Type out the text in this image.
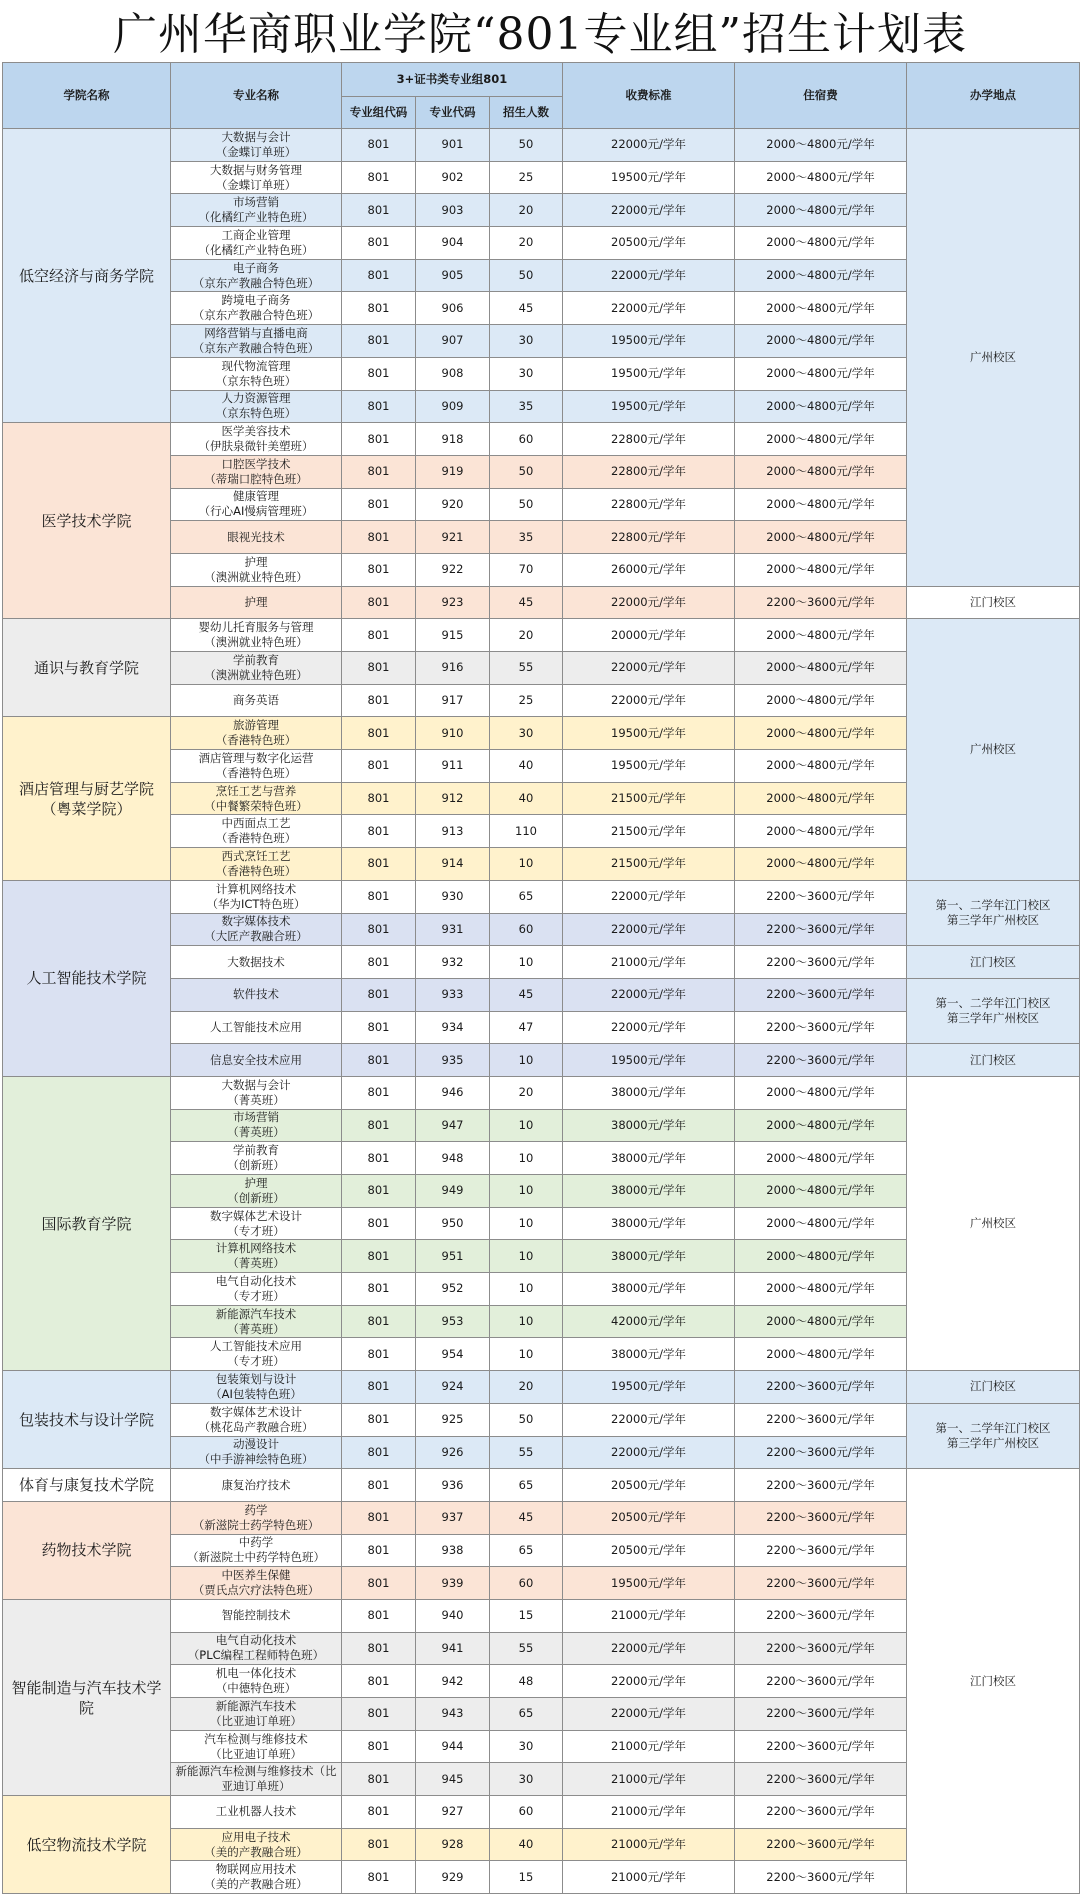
广州华商职业学院“801专业组”招生计划表
学院名称	专业名称	3+证书类专业组801			收费标准	住宿费	办学地点
		专业组代码	专业代码	招生人数			
低空经济与商务学院	大数据与会计
（金蝶订单班）	801	901	50	22000元/学年	2000～4800元/学年	广州校区
	大数据与财务管理
（金蝶订单班）	801	902	25	19500元/学年	2000～4800元/学年	
	市场营销
（化橘红产业特色班）	801	903	20	22000元/学年	2000～4800元/学年	
	工商企业管理
（化橘红产业特色班）	801	904	20	20500元/学年	2000～4800元/学年	
	电子商务
（京东产教融合特色班）	801	905	50	22000元/学年	2000～4800元/学年	
	跨境电子商务
（京东产教融合特色班）	801	906	45	22000元/学年	2000～4800元/学年	
	网络营销与直播电商
（京东产教融合特色班）	801	907	30	19500元/学年	2000～4800元/学年	
	现代物流管理
（京东特色班）	801	908	30	19500元/学年	2000～4800元/学年	
	人力资源管理
（京东特色班）	801	909	35	19500元/学年	2000～4800元/学年	
医学技术学院	医学美容技术
（伊肤泉微针美塑班）	801	918	60	22800元/学年	2000～4800元/学年	
	口腔医学技术
（蒂瑞口腔特色班）	801	919	50	22800元/学年	2000～4800元/学年	
	健康管理
（行心AI慢病管理班）	801	920	50	22800元/学年	2000～4800元/学年	
	眼视光技术	801	921	35	22800元/学年	2000～4800元/学年	
	护理
（澳洲就业特色班）	801	922	70	26000元/学年	2000～4800元/学年	
	护理	801	923	45	22000元/学年	2200～3600元/学年	江门校区
通识与教育学院	婴幼儿托育服务与管理
（澳洲就业特色班）	801	915	20	20000元/学年	2000～4800元/学年	广州校区
	学前教育
（澳洲就业特色班）	801	916	55	22000元/学年	2000～4800元/学年	
	商务英语	801	917	25	22000元/学年	2000～4800元/学年	
酒店管理与厨艺学院
（粤菜学院）	旅游管理
（香港特色班）	801	910	30	19500元/学年	2000～4800元/学年	
	酒店管理与数字化运营
（香港特色班）	801	911	40	19500元/学年	2000～4800元/学年	
	烹饪工艺与营养
（中餐繁荣特色班）	801	912	40	21500元/学年	2000～4800元/学年	
	中西面点工艺
（香港特色班）	801	913	110	21500元/学年	2000～4800元/学年	
	西式烹饪工艺
（香港特色班）	801	914	10	21500元/学年	2000～4800元/学年	
人工智能技术学院	计算机网络技术
（华为ICT特色班）	801	930	65	22000元/学年	2200～3600元/学年	第一、二学年江门校区
第三学年广州校区
	数字媒体技术
（大匠产教融合班）	801	931	60	22000元/学年	2200～3600元/学年	
	大数据技术	801	932	10	21000元/学年	2200～3600元/学年	江门校区
	软件技术	801	933	45	22000元/学年	2200～3600元/学年	第一、二学年江门校区
第三学年广州校区
	人工智能技术应用	801	934	47	22000元/学年	2200～3600元/学年	
	信息安全技术应用	801	935	10	19500元/学年	2200～3600元/学年	江门校区
国际教育学院	大数据与会计
（菁英班）	801	946	20	38000元/学年	2000～4800元/学年	广州校区
	市场营销
（菁英班）	801	947	10	38000元/学年	2000～4800元/学年	
	学前教育
（创新班）	801	948	10	38000元/学年	2000～4800元/学年	
	护理
（创新班）	801	949	10	38000元/学年	2000～4800元/学年	
	数字媒体艺术设计
（专才班）	801	950	10	38000元/学年	2000～4800元/学年	
	计算机网络技术
（菁英班）	801	951	10	38000元/学年	2000～4800元/学年	
	电气自动化技术
（专才班）	801	952	10	38000元/学年	2000～4800元/学年	
	新能源汽车技术
（菁英班）	801	953	10	42000元/学年	2000～4800元/学年	
	人工智能技术应用
（专才班）	801	954	10	38000元/学年	2000～4800元/学年	
包装技术与设计学院	包装策划与设计
（AI包装特色班）	801	924	20	19500元/学年	2200～3600元/学年	江门校区
	数字媒体艺术设计
（桃花岛产教融合班）	801	925	50	22000元/学年	2200～3600元/学年	第一、二学年江门校区
第三学年广州校区
	动漫设计
（中手游神绘特色班）	801	926	55	22000元/学年	2200～3600元/学年	
体育与康复技术学院	康复治疗技术	801	936	65	20500元/学年	2200～3600元/学年	江门校区
药物技术学院	药学
（新滋院士药学特色班）	801	937	45	20500元/学年	2200～3600元/学年	
	中药学
（新滋院士中药学特色班）	801	938	65	20500元/学年	2200～3600元/学年	
	中医养生保健
（贾氏点穴疗法特色班）	801	939	60	19500元/学年	2200～3600元/学年	
智能制造与汽车技术学院	智能控制技术	801	940	15	21000元/学年	2200～3600元/学年	
	电气自动化技术
（PLC编程工程师特色班）	801	941	55	22000元/学年	2200～3600元/学年	
	机电一体化技术
（中德特色班）	801	942	48	22000元/学年	2200～3600元/学年	
	新能源汽车技术
（比亚迪订单班）	801	943	65	22000元/学年	2200～3600元/学年	
	汽车检测与维修技术
（比亚迪订单班）	801	944	30	21000元/学年	2200～3600元/学年	
	新能源汽车检测与维修技术（比
亚迪订单班）	801	945	30	21000元/学年	2200～3600元/学年	
低空物流技术学院	工业机器人技术	801	927	60	21000元/学年	2200～3600元/学年	
	应用电子技术
（美的产教融合班）	801	928	40	21000元/学年	2200～3600元/学年	
	物联网应用技术
（美的产教融合班）	801	929	15	21000元/学年	2200～3600元/学年	
